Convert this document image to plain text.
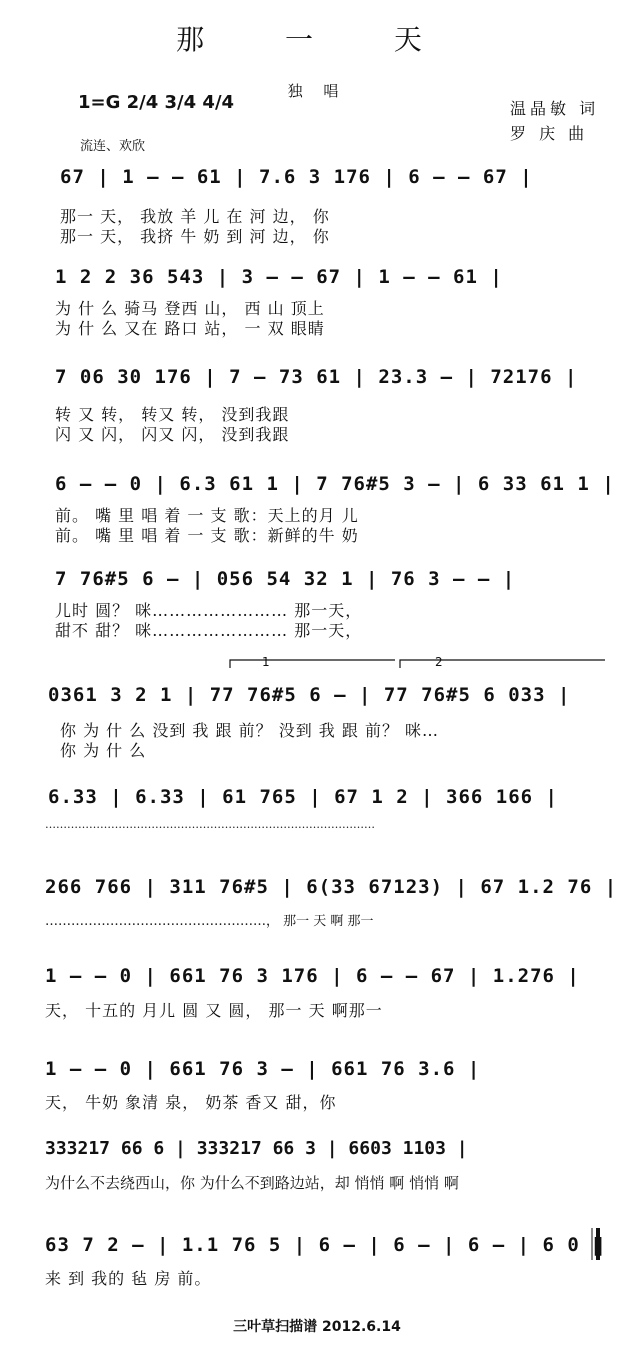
那 一 天
独 唱
1=G 2/4 3/4 4/4	温晶敏 词
罗 庆 曲
流连、欢欣
67 | 1 — — 61 | 7.6 3 176 | 6 — — 67 |
那一 天， 我放 羊 儿 在 河 边， 你
那一 天， 我挤 牛 奶 到 河 边， 你
1 2 2 36 543 | 3 — — 67 | 1 — — 61 |
为 什 么 骑马 登西 山， 西 山 顶上
为 什 么 又在 路口 站， 一 双 眼睛
7 06 30 176 | 7 — 73 61 | 23.3 — | 72176 |
转 又 转， 转又 转， 没到我跟
闪 又 闪， 闪又 闪， 没到我跟
6 — — 0 | 6.3 61 1 | 7 76#5 3 — | 6 33 61 1 |
前。 嘴 里 唱 着 一 支 歌：天上的月 儿
前。 嘴 里 唱 着 一 支 歌：新鲜的牛 奶
7 76#5 6 — | 056 54 32 1 | 76 3 — — |
儿时 圆？ 咪…………………… 那一天，
甜不 甜？ 咪…………………… 那一天，
1	2
0361 3 2 1 | 77 76#5 6 — | 77 76#5 6 033 |
你 为 什 么 没到 我 跟 前？ 没到 我 跟 前？ 咪…
你 为 什 么
6.33 | 6.33 | 61 765 | 67 1 2 | 366 166 |
………………………………………………………………………………
266 766 | 311 76#5 | 6(33 67123) | 67 1.2 76 |
……………………………………………， 那一 天 啊 那一
1 — — 0 | 661 76 3 176 | 6 — — 67 | 1.276 |
天， 十五的 月儿 圆 又 圆， 那一 天 啊那一
1 — — 0 | 661 76 3 — | 661 76 3.6 |
天， 牛奶 象清 泉， 奶茶 香又 甜，你
333217 66 6 | 333217 66 3 | 6603 1103 |
为什么不去绕西山，你 为什么不到路边站，却 悄悄 啊 悄悄 啊
63 7 2 — | 1.1 76 5 | 6 — | 6 — | 6 — | 6 0 ‖
来 到 我的 毡 房 前。
三叶草扫描谱 2012.6.14
